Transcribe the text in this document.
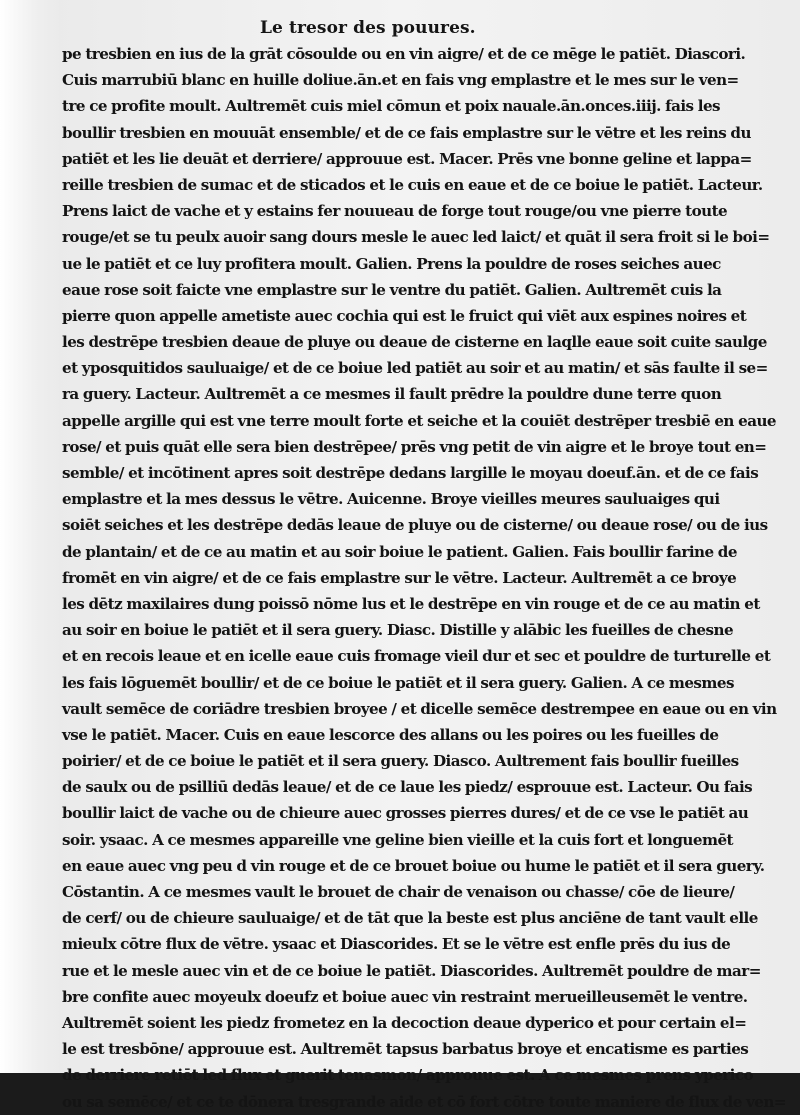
Le tresor des pouures.
pe tresbien en ius de la grāt cōsoulde ou en vin aigre/ et de ce mēge le patiēt. Diascori.
Cuis marrubiū blanc en huille doliue.ān.et en fais vng emplastre et le mes sur le ven=
tre ce profite moult. Aultremēt cuis miel cōmun et poix nauale.ān.onces.iiij. fais les
boullir tresbien en mouuāt ensemble/ et de ce fais emplastre sur le vētre et les reins du
patiēt et les lie deuāt et derriere/ approuue est. Macer. Prēs vne bonne geline et lappa=
reille tresbien de sumac et de sticados et le cuis en eaue et de ce boiue le patiēt. Lacteur.
Prens laict de vache et y estains fer nouueau de forge tout rouge/ou vne pierre toute
rouge/et se tu peulx auoir sang dours mesle le auec led laict/ et quāt il sera froit si le boi=
ue le patiēt et ce luy profitera moult. Galien. Prens la pouldre de roses seiches auec
eaue rose soit faicte vne emplastre sur le ventre du patiēt. Galien. Aultremēt cuis la
pierre quon appelle ametiste auec cochia qui est le fruict qui viēt aux espines noires et
les destrēpe tresbien deaue de pluye ou deaue de cisterne en laqlle eaue soit cuite saulge
et yposquitidos sauluaige/ et de ce boiue led patiēt au soir et au matin/ et sās faulte il se=
ra guery. Lacteur. Aultremēt a ce mesmes il fault prēdre la pouldre dune terre quon
appelle argille qui est vne terre moult forte et seiche et la couiēt destrēper tresbiē en eaue
rose/ et puis quāt elle sera bien destrēpee/ prēs vng petit de vin aigre et le broye tout en=
semble/ et incōtinent apres soit destrēpe dedans largille le moyau doeuf.ān. et de ce fais
emplastre et la mes dessus le vētre. Auicenne. Broye vieilles meures sauluaiges qui
soiēt seiches et les destrēpe dedās leaue de pluye ou de cisterne/ ou deaue rose/ ou de ius
de plantain/ et de ce au matin et au soir boiue le patient. Galien. Fais boullir farine de
fromēt en vin aigre/ et de ce fais emplastre sur le vētre. Lacteur. Aultremēt a ce broye
les dētz maxilaires dung poissō nōme lus et le destrēpe en vin rouge et de ce au matin et
au soir en boiue le patiēt et il sera guery. Diasc. Distille y alābic les fueilles de chesne
et en recois leaue et en icelle eaue cuis fromage vieil dur et sec et pouldre de turturelle et
les fais lōguemēt boullir/ et de ce boiue le patiēt et il sera guery. Galien. A ce mesmes
vault semēce de coriādre tresbien broyee / et dicelle semēce destrempee en eaue ou en vin
vse le patiēt. Macer. Cuis en eaue lescorce des allans ou les poires ou les fueilles de
poirier/ et de ce boiue le patiēt et il sera guery. Diasco. Aultrement fais boullir fueilles
de saulx ou de psilliū dedās leaue/ et de ce laue les piedz/ esprouue est. Lacteur. Ou fais
boullir laict de vache ou de chieure auec grosses pierres dures/ et de ce vse le patiēt au
soir. ysaac. A ce mesmes appareille vne geline bien vieille et la cuis fort et longuemēt
en eaue auec vng peu d vin rouge et de ce brouet boiue ou hume le patiēt et il sera guery.
Cōstantin. A ce mesmes vault le brouet de chair de venaison ou chasse/ cōe de lieure/
de cerf/ ou de chieure sauluaige/ et de tāt que la beste est plus anciēne de tant vault elle
mieulx cōtre flux de vētre. ysaac et Diascorides. Et se le vētre est enfle prēs du ius de
rue et le mesle auec vin et de ce boiue le patiēt. Diascorides. Aultremēt pouldre de mar=
bre confite auec moyeulx doeufz et boiue auec vin restraint merueilleusemēt le ventre.
Aultremēt soient les piedz frometez en la decoction deaue dyperico et pour certain el=
le est tresbōne/ approuue est. Aultremēt tapsus barbatus broye et encatisme es parties
de derriere retiēt led flux et guerit tenasmon/ approuue est. A ce mesmes prens yperico
ou sa semēce/ et ce te dōnera tresgrande aide et cō fort cōtre toute maniere de flux de ven=
